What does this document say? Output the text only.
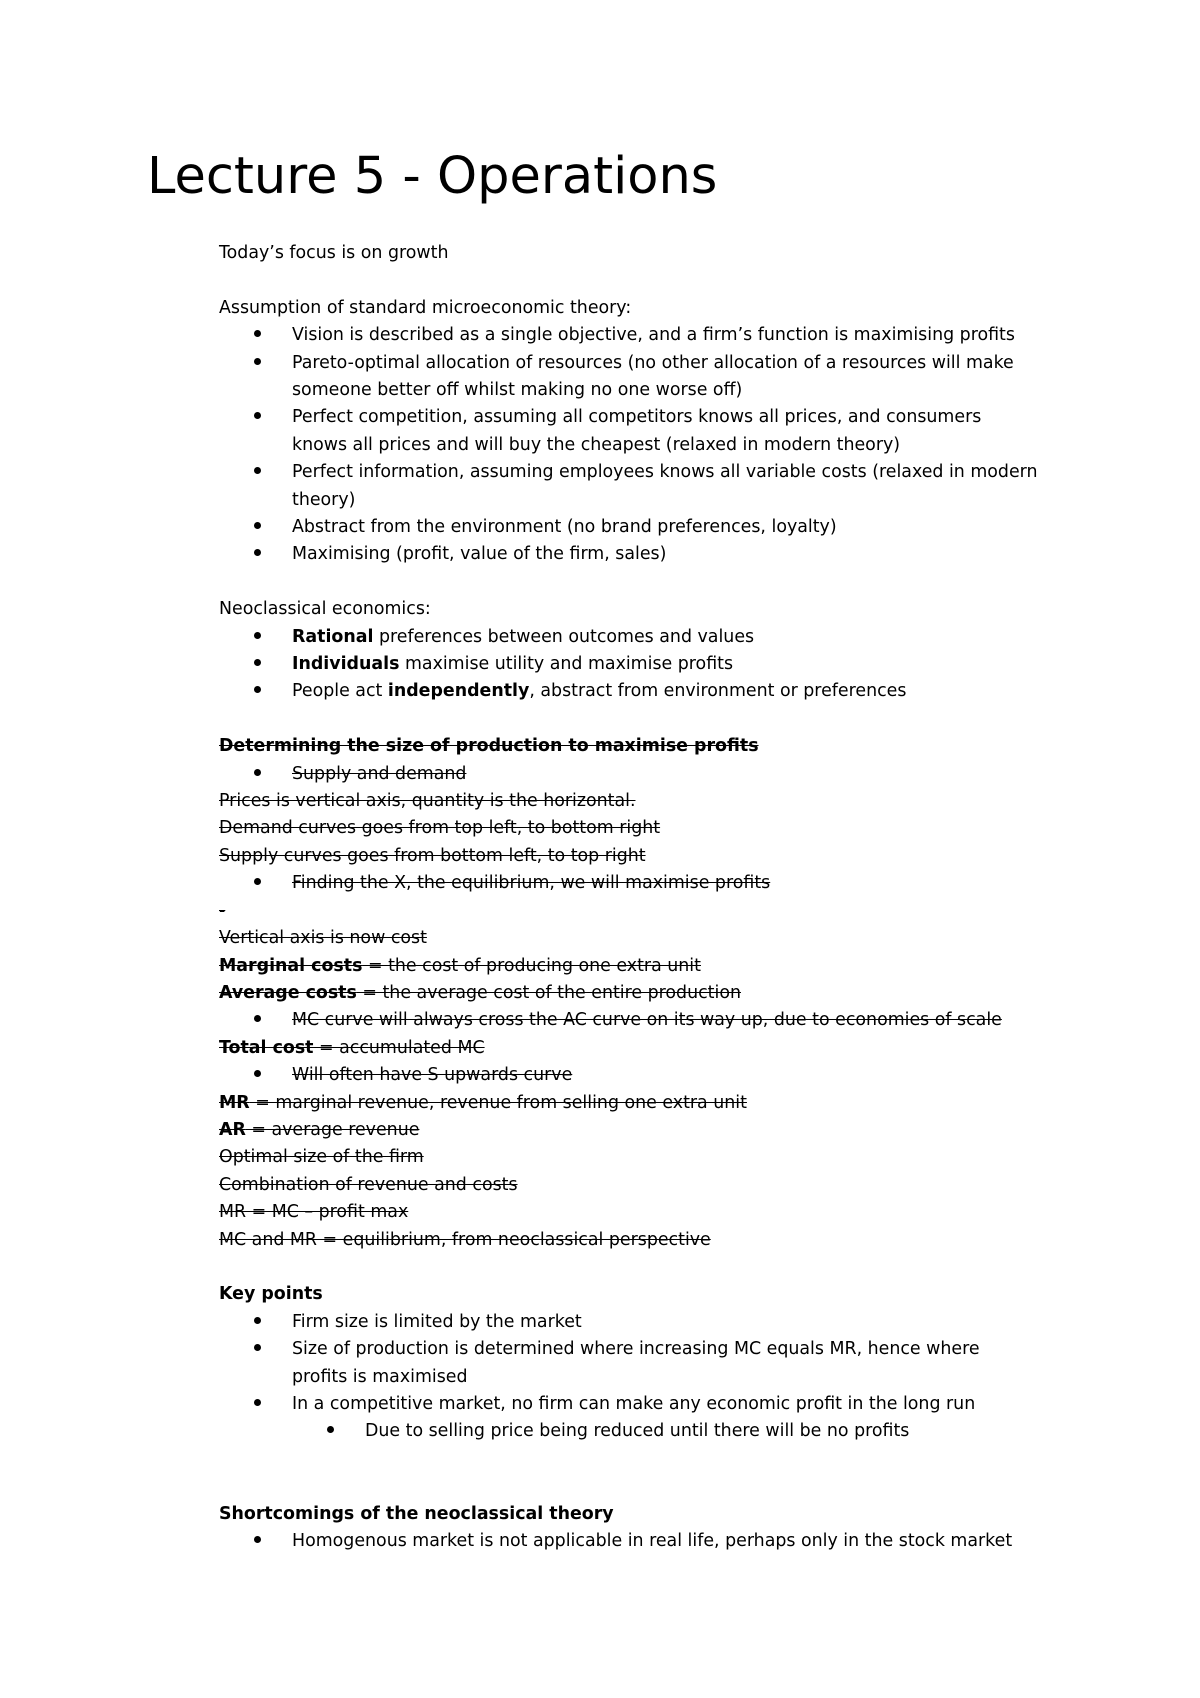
Lecture 5 - Operations

Today’s focus is on growth

Assumption of standard microeconomic theory:

Vision is described as a single objective, and a firm’s function is maximising profits
Pareto-optimal allocation of resources (no other allocation of a resources will make someone better off whilst making no one worse off)
Perfect competition, assuming all competitors knows all prices, and consumers knows all prices and will buy the cheapest (relaxed in modern theory)
Perfect information, assuming employees knows all variable costs (relaxed in modern theory)
Abstract from the environment (no brand preferences, loyalty)
Maximising (profit, value of the firm, sales)

Neoclassical economics:

Rational preferences between outcomes and values
Individuals maximise utility and maximise profits
People act independently, abstract from environment or preferences

Determining the size of production to maximise profits

Supply and demand

Prices is vertical axis, quantity is the horizontal.

Demand curves goes from top left, to bottom right

Supply curves goes from bottom left, to top right

Finding the X, the equilibrium, we will maximise profits

-

Vertical axis is now cost

Marginal costs = the cost of producing one extra unit

Average costs = the average cost of the entire production

MC curve will always cross the AC curve on its way up, due to economies of scale

Total cost = accumulated MC

Will often have S upwards curve

MR = marginal revenue, revenue from selling one extra unit

AR = average revenue

Optimal size of the firm

Combination of revenue and costs

MR = MC – profit max

MC and MR = equilibrium, from neoclassical perspective

Key points

Firm size is limited by the market
Size of production is determined where increasing MC equals MR, hence where profits is maximised
In a competitive market, no firm can make any economic profit in the long run
Due to selling price being reduced until there will be no profits

Shortcomings of the neoclassical theory

Homogenous market is not applicable in real life, perhaps only in the stock market
